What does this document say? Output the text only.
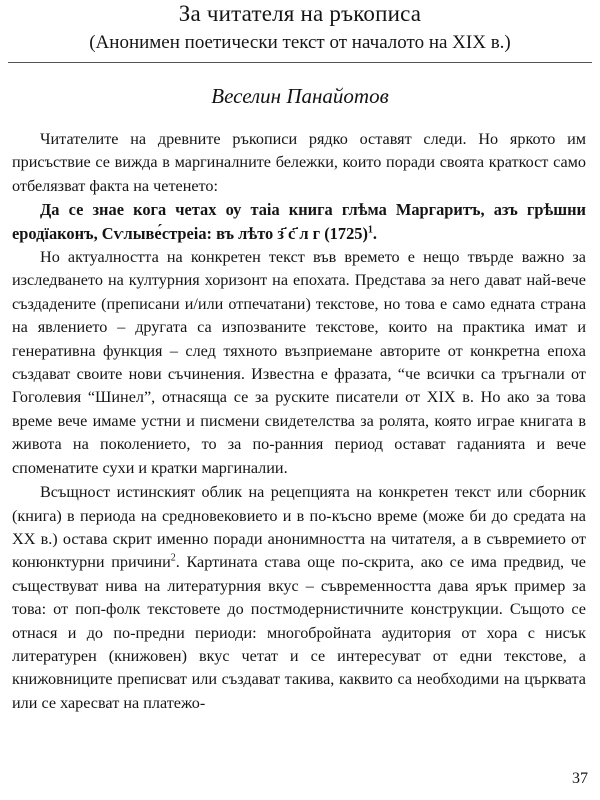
За читателя на ръкописа
(Анонимен поетически текст от началото на XIX в.)
Веселин Панайотов

Читателите на древните ръкописи рядко оставят следи. Но яркото им присъствие се вижда в маргиналните бележки, които поради своята краткост само отбелязват факта на четенето:

Да се знае кога четах оу таіа книга глѣма Маргаритъ, азъ грѣшни еродїаконъ, Сѵлыве́стреіа: въ лѣто з҃ с҃ л г $(1725)^1$.

Но актуалността на конкретен текст във времето е нещо твърде важно за изследването на културния хоризонт на епохата. Представа за него дават най-вече създадените (преписани и/или отпечатани) текстове, но това е само едната страна на явлението – другата са изпозваните текстове, които на практика имат и генеративна функция – след тяхното възприемане авторите от конкретна епоха създават своите нови съчинения. Известна е фразата, “че всички са тръгнали от Гоголевия “Шинел”, отнасяща се за руските писатели от XIX в. Но ако за това време вече имаме устни и писмени свидетелства за ролята, която играе книгата в живота на поколението, то за по-ранния период остават гаданията и вече споменатите сухи и кратки маргиналии.

Всъщност истинският облик на рецепцията на конкретен текст или сборник (книга) в периода на средновековието и в по-късно време (може би до средата на XX в.) остава скрит именно поради анонимността на читателя, а в съвремието от конюнктурни причини$^2$. Картината става още по-скрита, ако се има предвид, че съществуват нива на литературния вкус – съвременността дава ярък пример за това: от поп-фолк текстовете до постмодернистичните конструкции. Същото се отнася и до по-предни периоди: многобройната аудитория от хора с нисък литературен (книжовен) вкус четат и се интересуват от едни текстове, а книжовниците преписват или създават такива, каквито са необходими на църквата или се харесват на платежо-

37
